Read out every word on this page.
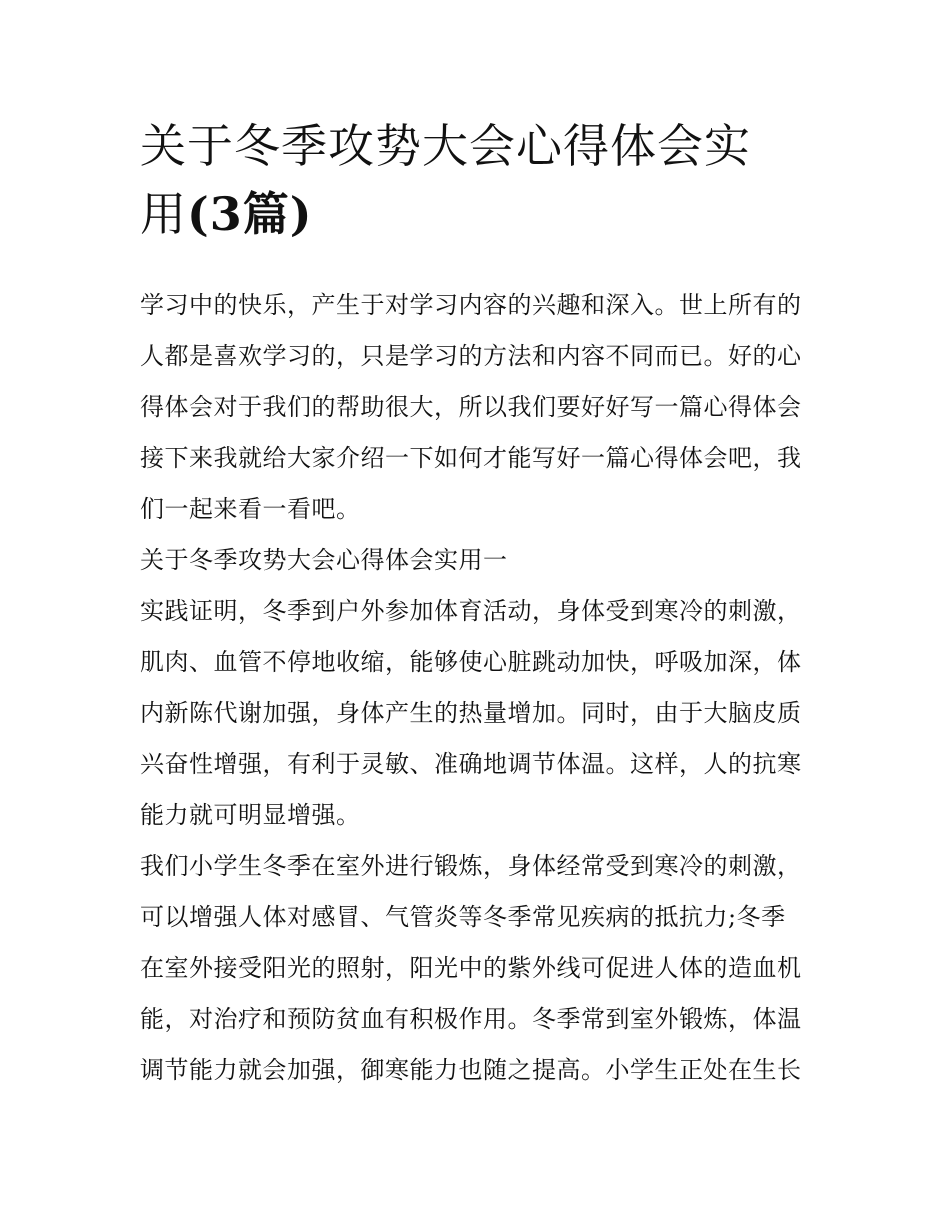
关于冬季攻势大会心得体会实
用(3篇)
学习中的快乐，产生于对学习内容的兴趣和深入。世上所有的
人都是喜欢学习的，只是学习的方法和内容不同而已。好的心
得体会对于我们的帮助很大，所以我们要好好写一篇心得体会
接下来我就给大家介绍一下如何才能写好一篇心得体会吧，我
们一起来看一看吧。
关于冬季攻势大会心得体会实用一
实践证明，冬季到户外参加体育活动，身体受到寒冷的刺激，
肌肉、血管不停地收缩，能够使心脏跳动加快，呼吸加深，体
内新陈代谢加强，身体产生的热量增加。同时，由于大脑皮质
兴奋性增强，有利于灵敏、准确地调节体温。这样，人的抗寒
能力就可明显增强。
我们小学生冬季在室外进行锻炼，身体经常受到寒冷的刺激，
可以增强人体对感冒、气管炎等冬季常见疾病的抵抗力;冬季
在室外接受阳光的照射，阳光中的紫外线可促进人体的造血机
能，对治疗和预防贫血有积极作用。冬季常到室外锻炼，体温
调节能力就会加强，御寒能力也随之提高。小学生正处在生长
